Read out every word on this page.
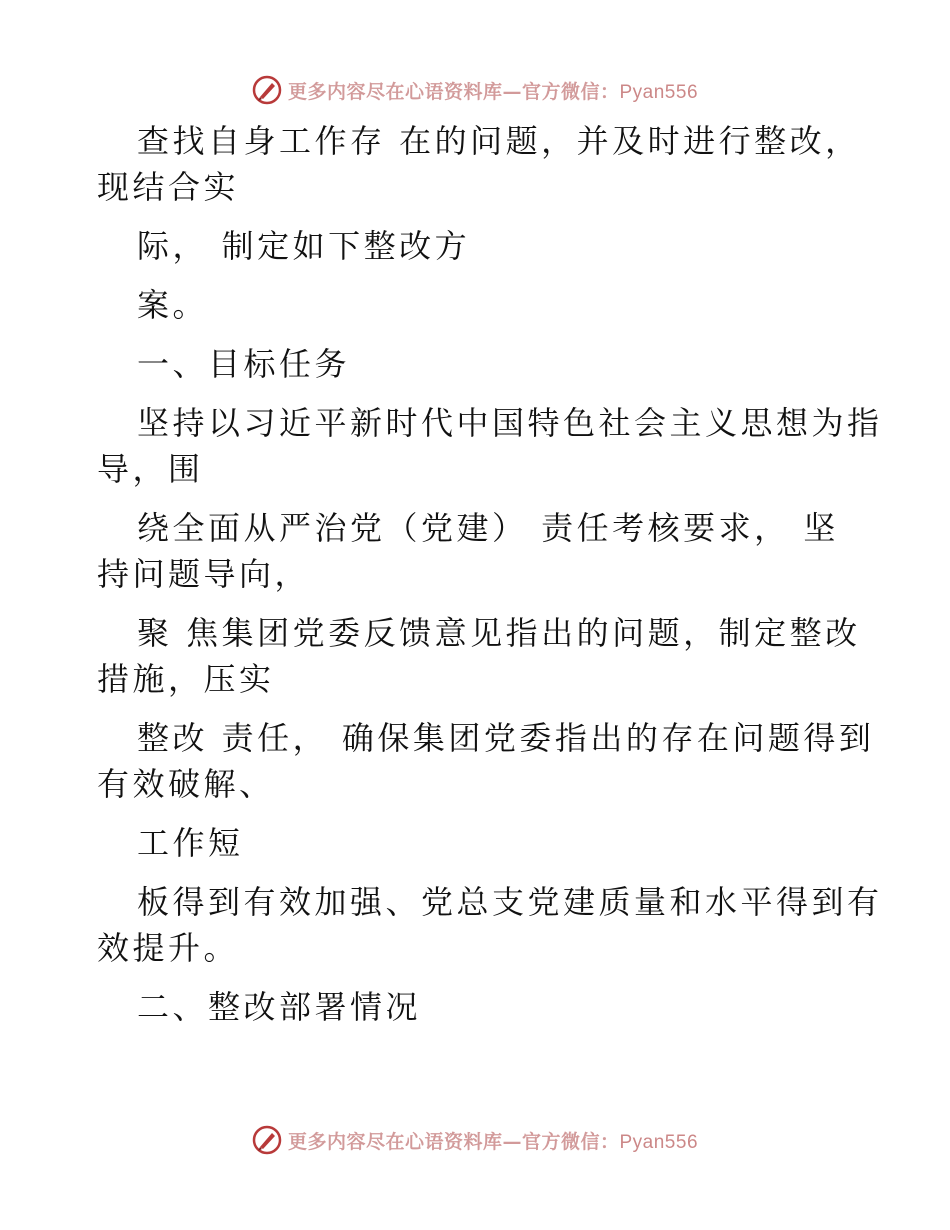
更多内容尽在心语资料库—官方微信：Pyan556
查找自身工作存 在的问题，并及时进行整改，
现结合实
际， 制定如下整改方
案。
一、目标任务
坚持以习近平新时代中国特色社会主义思想为指
导，围
绕全面从严治党（党建） 责任考核要求， 坚
持问题导向，
聚 焦集团党委反馈意见指出的问题，制定整改
措施，压实
整改 责任， 确保集团党委指出的存在问题得到
有效破解、
工作短
板得到有效加强、党总支党建质量和水平得到有
效提升。
二、整改部署情况
更多内容尽在心语资料库—官方微信：Pyan556
